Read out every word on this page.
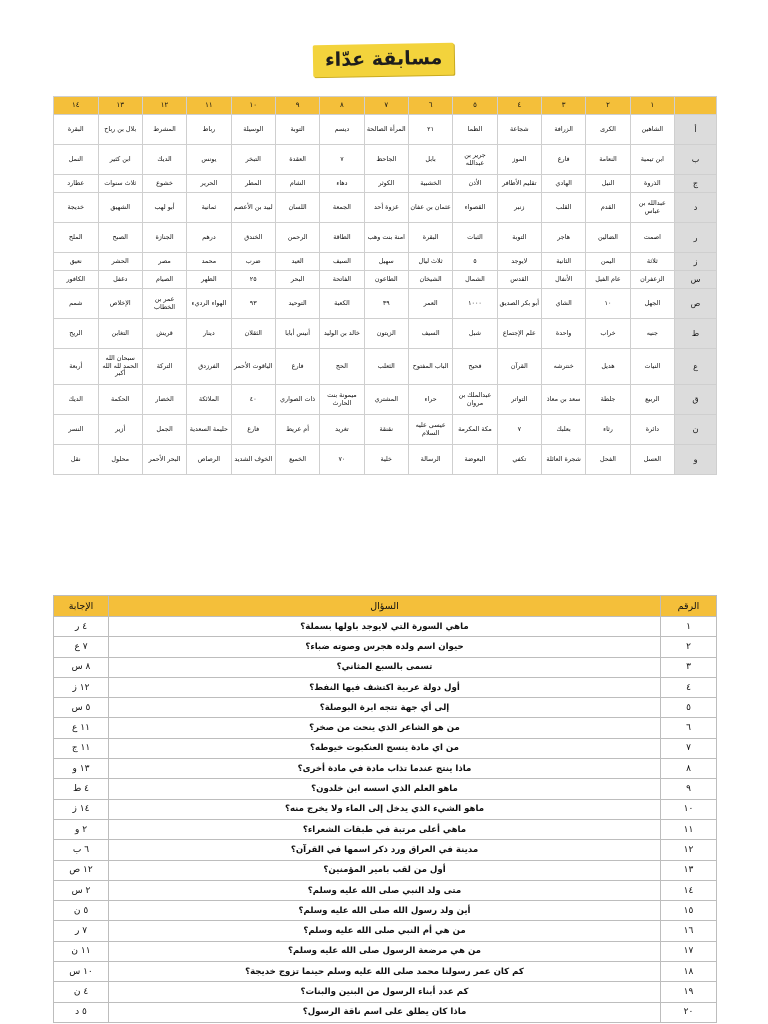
مسابقة عدّاء
	١	٢	٣	٤	٥	٦	٧	٨	٩	١٠	١١	١٢	١٣	١٤
أ	الشاهين	الكرى	الزرافة	شجاعة	الظما	٢١	المرأة الصالحة	ديسم	التوبة	الوسيلة	رباط	المشرط	بلال بن رباح	البقرة
ب	ابن تيمية	النعامة	فارغ	الموز	جرير بن عبدالله	بابل	الجاحظ	٧	العقدة	التبخر	يونس	الديك	ابن كثير	النمل
ج	الذروة	النيل	الهادي	تقليم الأظافر	الأذن	الخشبية	الكوثر	دهاء	الشام	المطر	الحرير	خشوع	ثلاث سنوات	عطارد
د	عبدالله بن عباس	القدم	القلب	زنبر	القصواء	عثمان بن عفان	غزوة أحد	الجمعة	اللسان	لبيد بن الأعصم	ثمانية	أبو لهب	الشهيق	خديجة
ر	اصمت	الضالين	هاجر	التوبة	الثبات	البقرة	امنة بنت وهب	الطاقة	الرحمن	الخندق	درهم	الجنازة	الصبح	الملح
ز	ثلاثة	اليمن	الثانية	لايوجد	٥	ثلاث ليال	سهيل	السيف	العيد	ضرب	محمد	مصر	الحشر	نعيق
س	الزعفران	عام الفيل	الأنفال	القدس	الشمال	الشيخان	الطاعون	الفاتحة	البحر	٢٥	الظهر	الصيام	دغفل	الكافور
ص	الجهل	١٠	الشاي	أبو بكر الصديق	١٠٠٠	العمر	٣٩	الكعبة	التوحيد	٩٣	الهواء الرديء	عمر بن الخطاب	الإخلاص	شمم
ط	جنيه	خراب	واحدة	علم الإجتماع	شبل	السيف	الزيتون	خالد بن الوليد	أنيس أبابا	الثقلان	دينار	قريش	التغابن	الريح
ع	النيات	هديل	خنترشه	القرآن	فحيح	الباب المفتوح	الثعلب	الحج	فارغ	الياقوت الأحمر	الفرزدق	التركة	سبحان الله الحمد لله الله أكبر	أربعة
ق	الربيع	جلطة	سعد بن معاذ	التواتر	عبدالملك بن مروان	حراء	المشتري	ميمونة بنت الحارث	ذات الصواري	٤٠	الملائكة	الخضار	الحكمة	الديك
ن	دائرة	رثاء	بعلبك	٧	مكة المكرمة	عيسى عليه السلام	نقنقة	تغريد	أم عريط	فارغ	حليمة السعدية	الجمل	أزير	النسر
و	العسل	الفحل	شجرة العائلة	تكفي	البعوضة	الرسالة	خلية	٧٠	الخميع	الخوف الشديد	الرصاص	البحر الأحمر	محلول	نقل
الرقم	السؤال	الإجابة
١	ماهي السورة التي لايوجد باولها بسملة؟	٤ ر
٢	حيوان اسم ولده هجرس وصوته ضباء؟	٧ ع
٣	تسمى بالسبع المثاني؟	٨ س
٤	أول دولة عربية اكتشف فيها النفط؟	١٢ ز
٥	إلى أي جهة تتجه ابرة البوصلة؟	٥ س
٦	من هو الشاعر الذي ينحت من صخر؟	١١ ع
٧	من اي مادة ينسج العنكبوت خيوطه؟	١١ ج
٨	ماذا ينتج عندما تذاب مادة في مادة أخرى؟	١٣ و
٩	ماهو العلم الذي اسسه ابن خلدون؟	٤ ط
١٠	ماهو الشيء الذي يدخل إلى الماء ولا يخرج منه؟	١٤ ز
١١	ماهي أعلى مرتبة في طبقات الشعراء؟	٢ و
١٢	مدينة في العراق ورد ذكر اسمها في القرآن؟	٦ ب
١٣	أول من لقب بامير المؤمنين؟	١٢ ص
١٤	متى ولد النبي صلى الله عليه وسلم؟	٢ س
١٥	أين ولد رسول الله صلى الله عليه وسلم؟	٥ ن
١٦	من هي أم النبي صلى الله عليه وسلم؟	٧ ر
١٧	من هي مرضعة الرسول صلى الله عليه وسلم؟	١١ ن
١٨	كم كان عمر رسولنا محمد صلى الله عليه وسلم حينما تزوج خديجة؟	١٠ س
١٩	كم عدد أبناء الرسول من البنين والبنات؟	٤ ن
٢٠	ماذا كان يطلق على اسم ناقة الرسول؟	٥ د
